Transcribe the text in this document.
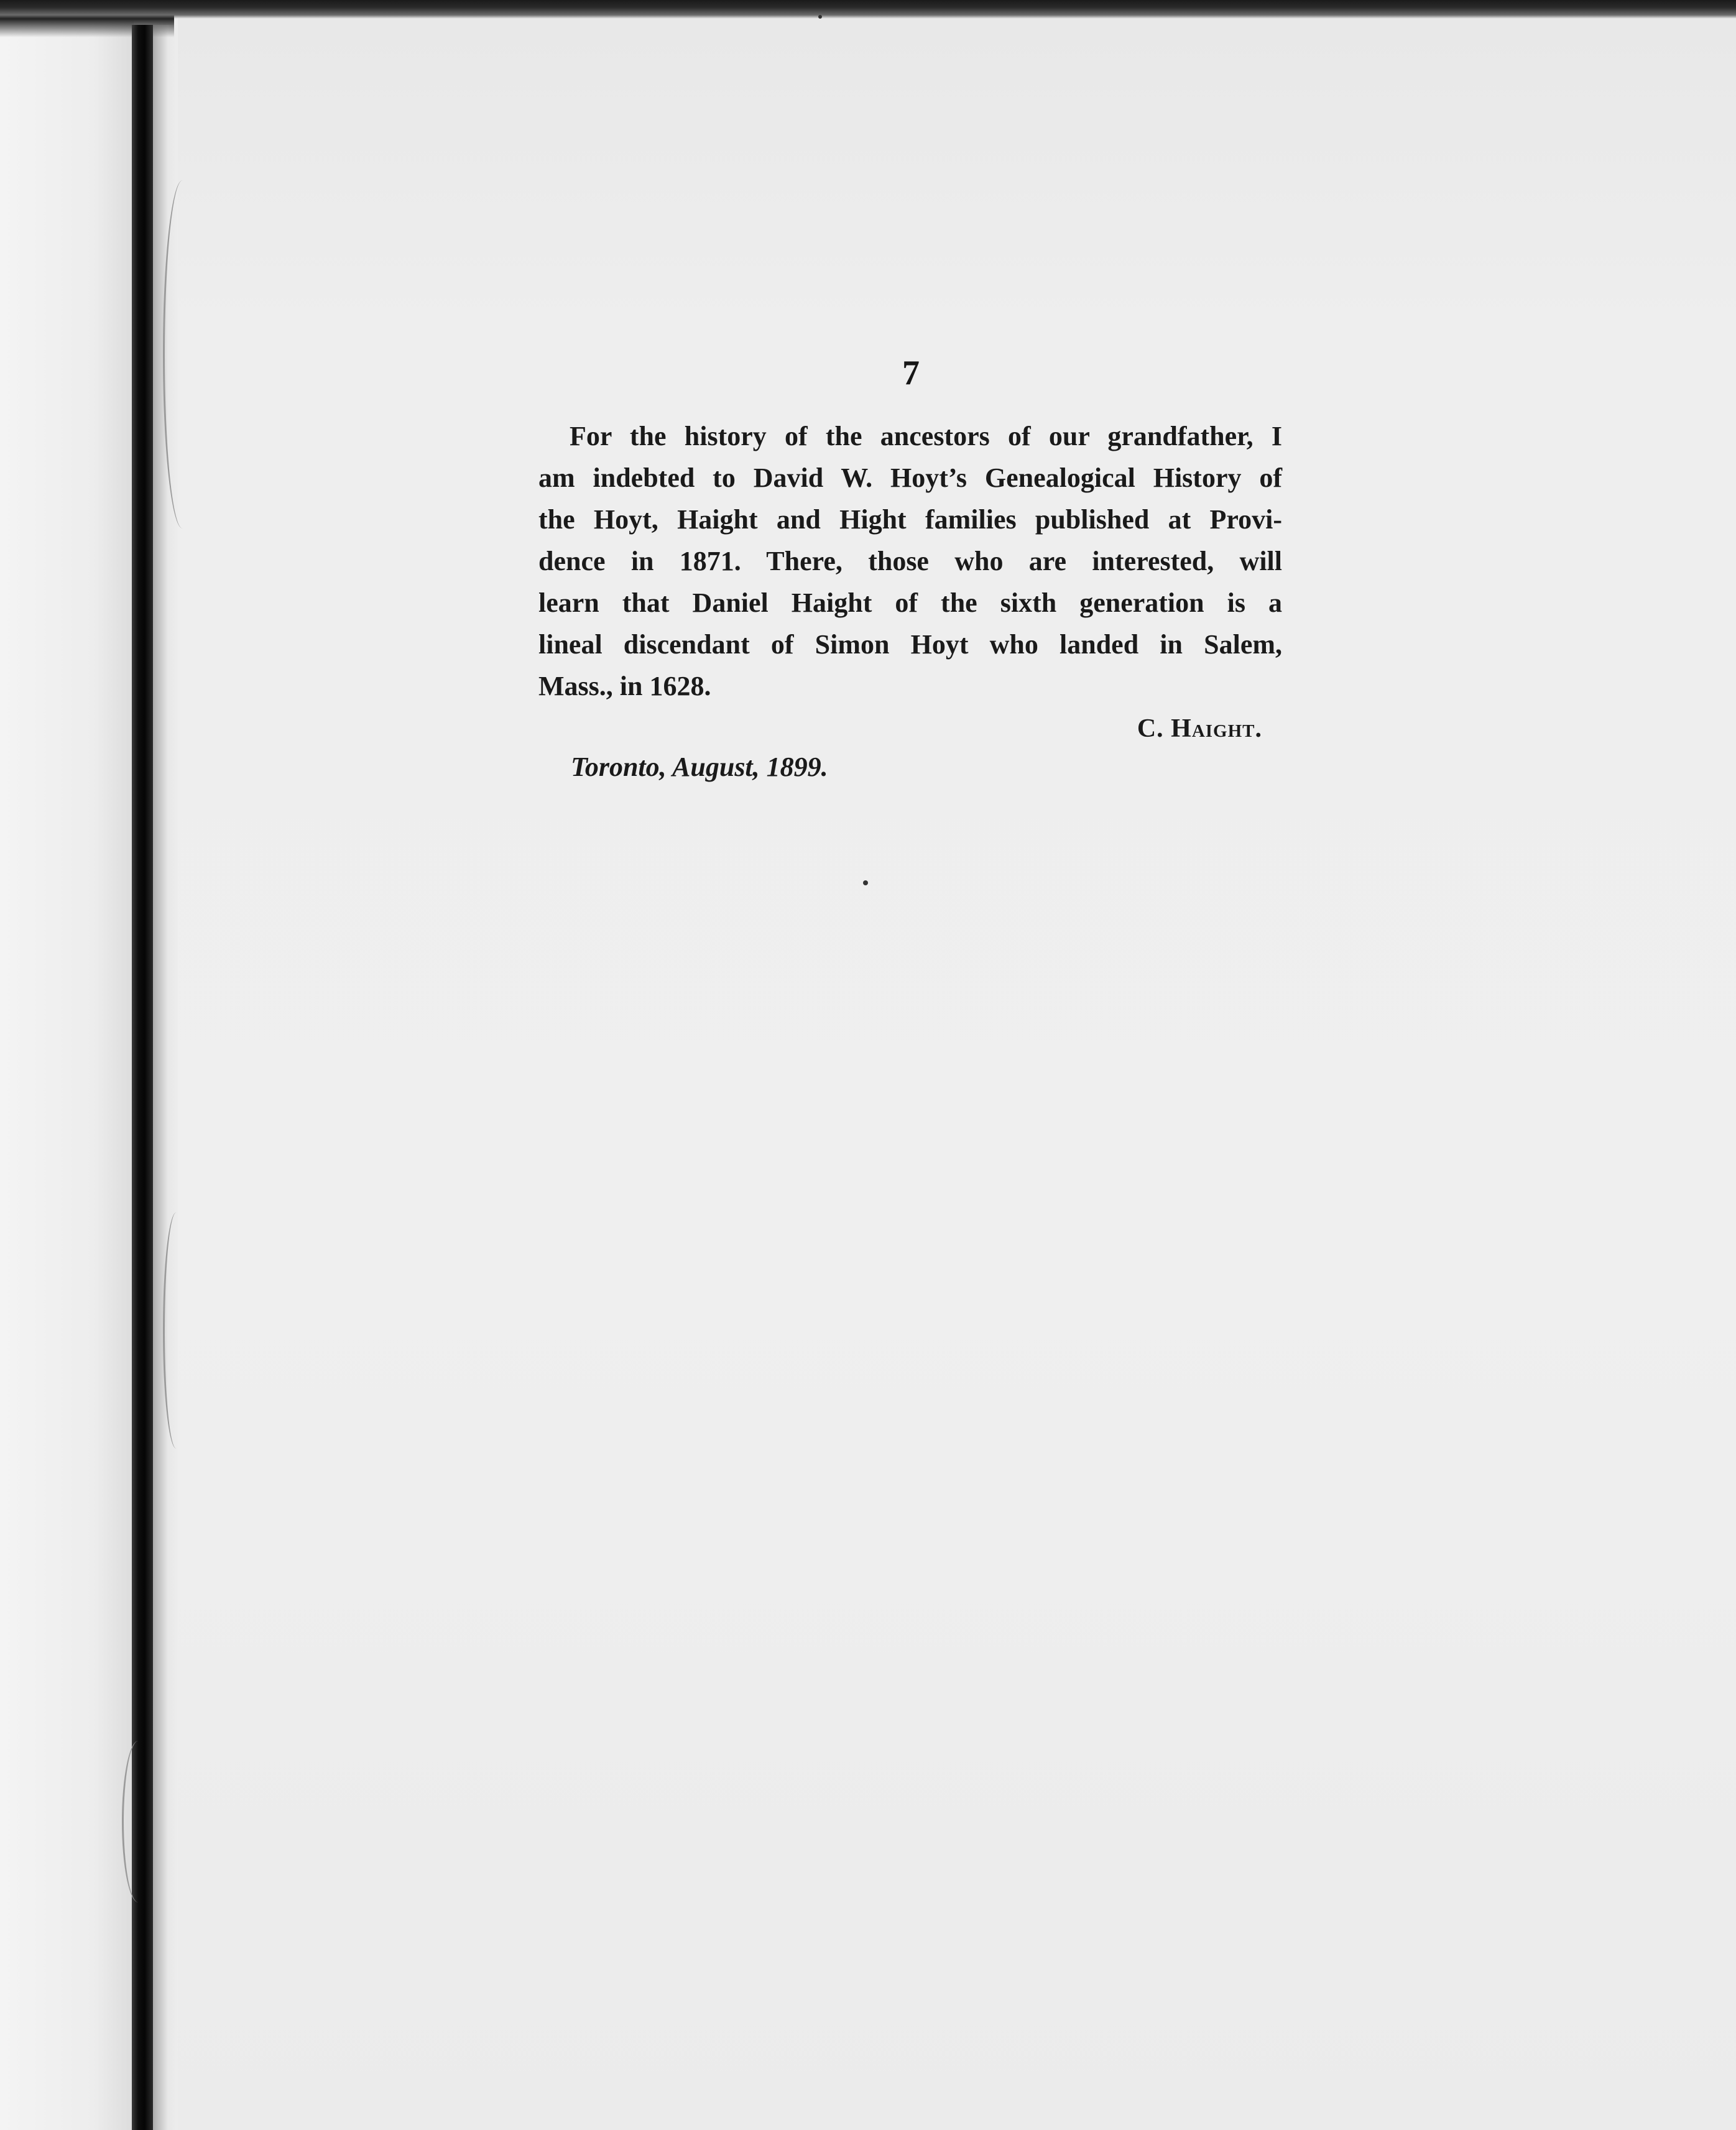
7
For the history of the ancestors of our grandfather, I
am indebted to David W. Hoyt’s Genealogical History of
the Hoyt, Haight and Hight families published at Provi-
dence in 1871. There, those who are interested, will
learn that Daniel Haight of the sixth generation is a
lineal discendant of Simon Hoyt who landed in Salem,
Mass., in 1628.
C. Haight.
Toronto, August, 1899.
